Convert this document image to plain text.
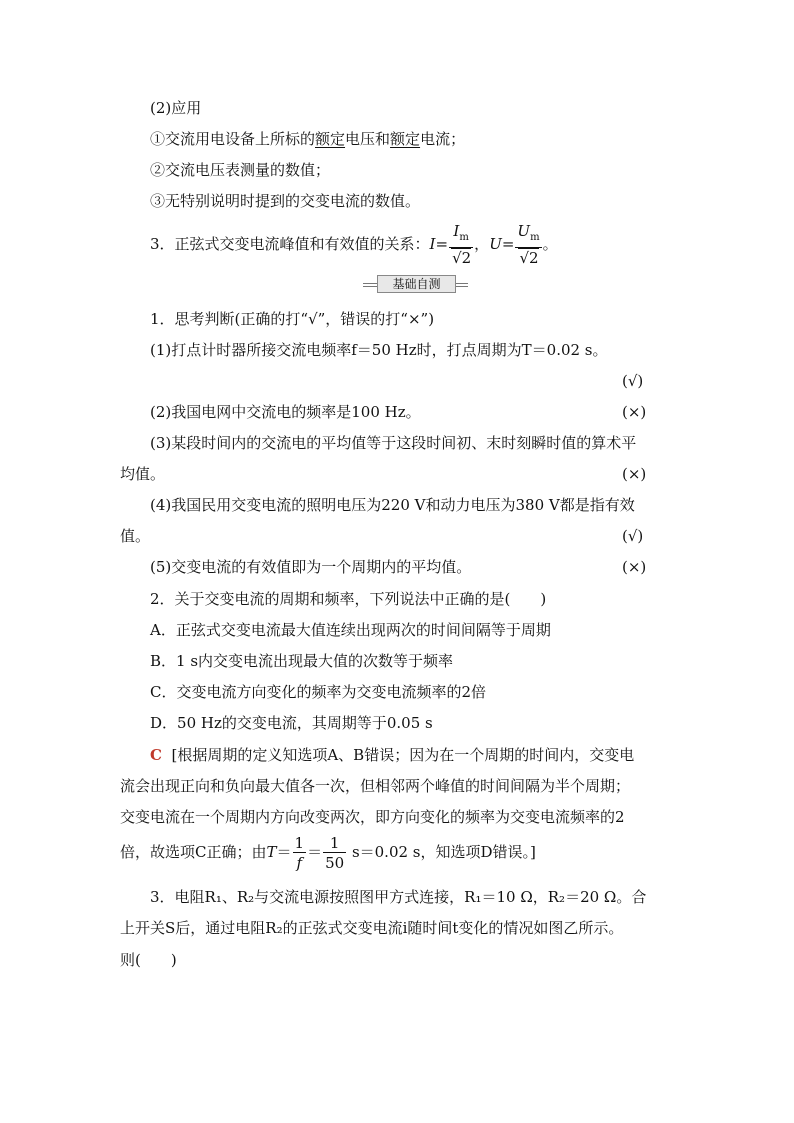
(2)应用
①交流用电设备上所标的额定电压和额定电流；
②交流电压表测量的数值；
③无特别说明时提到的交变电流的数值。
3．正弦式交变电流峰值和有效值的关系：$I= \frac{I_m}{√2}$ ，$U= \frac{U_m}{√2}$ 。
基础自测
1．思考判断(正确的打“√”，错误的打“×”)
(1)打点计时器所接交流电频率f＝50 Hz时，打点周期为T＝0.02 s。
(√)
(2)我国电网中交流电的频率是100 Hz。	(×)
(3)某段时间内的交流电的平均值等于这段时间初、末时刻瞬时值的算术平
均值。	(×)
(4)我国民用交变电流的照明电压为220 V和动力电压为380 V都是指有效
值。	(√)
(5)交变电流的有效值即为一个周期内的平均值。	(×)
2．关于交变电流的周期和频率，下列说法中正确的是(　　)
A．正弦式交变电流最大值连续出现两次的时间间隔等于周期
B．1 s内交变电流出现最大值的次数等于频率
C．交变电流方向变化的频率为交变电流频率的2倍
D．50 Hz的交变电流，其周期等于0.05 s
C [根据周期的定义知选项A、B错误；因为在一个周期的时间内，交变电
流会出现正向和负向最大值各一次，但相邻两个峰值的时间间隔为半个周期；
交变电流在一个周期内方向改变两次，即方向变化的频率为交变电流频率的2
倍，故选项C正确；由$T= \frac{1}{f} = \frac{1}{50} s=0.02$ s，知选项D错误。]
3．电阻R₁、R₂与交流电源按照图甲方式连接，R₁＝10 Ω，R₂＝20 Ω。合
上开关S后，通过电阻R₂的正弦式交变电流i随时间t变化的情况如图乙所示。
则(　　)
